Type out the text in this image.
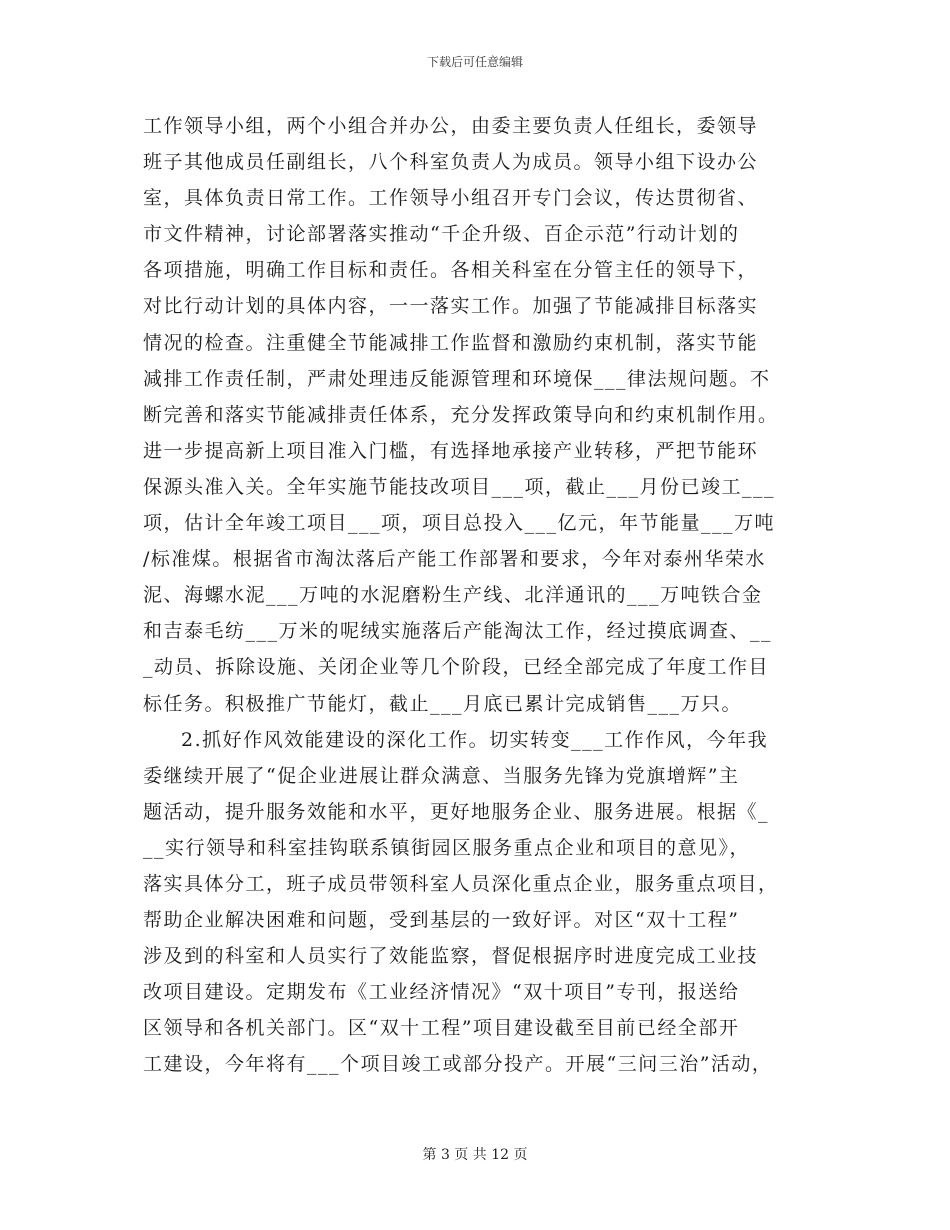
下载后可任意编辑
工作领导小组，两个小组合并办公，由委主要负责人任组长，委领导
班子其他成员任副组长，八个科室负责人为成员。领导小组下设办公
室，具体负责日常工作。工作领导小组召开专门会议，传达贯彻省、
市文件精神，讨论部署落实推动“千企升级、百企示范”行动计划的
各项措施，明确工作目标和责任。各相关科室在分管主任的领导下，
对比行动计划的具体内容，一一落实工作。加强了节能减排目标落实
情况的检查。注重健全节能减排工作监督和激励约束机制，落实节能
减排工作责任制，严肃处理违反能源管理和环境保___律法规问题。不
断完善和落实节能减排责任体系，充分发挥政策导向和约束机制作用。
进一步提高新上项目准入门槛，有选择地承接产业转移，严把节能环
保源头准入关。全年实施节能技改项目___项，截止___月份已竣工___
项，估计全年竣工项目___项，项目总投入___亿元，年节能量___万吨
/标准煤。根据省市淘汰落后产能工作部署和要求，今年对泰州华荣水
泥、海螺水泥___万吨的水泥磨粉生产线、北洋通讯的___万吨铁合金
和吉泰毛纺___万米的呢绒实施落后产能淘汰工作，经过摸底调查、__
_动员、拆除设施、关闭企业等几个阶段，已经全部完成了年度工作目
标任务。积极推广节能灯，截止___月底已累计完成销售___万只。
2.抓好作风效能建设的深化工作。切实转变___工作作风，今年我
委继续开展了“促企业进展让群众满意、当服务先锋为党旗增辉”主
题活动，提升服务效能和水平，更好地服务企业、服务进展。根据《_
__实行领导和科室挂钩联系镇街园区服务重点企业和项目的意见》，
落实具体分工，班子成员带领科室人员深化重点企业，服务重点项目，
帮助企业解决困难和问题，受到基层的一致好评。对区“双十工程”
涉及到的科室和人员实行了效能监察，督促根据序时进度完成工业技
改项目建设。定期发布《工业经济情况》“双十项目”专刊，报送给
区领导和各机关部门。区“双十工程”项目建设截至目前已经全部开
工建设，今年将有___个项目竣工或部分投产。开展“三问三治”活动，
第 3 页 共 12 页
